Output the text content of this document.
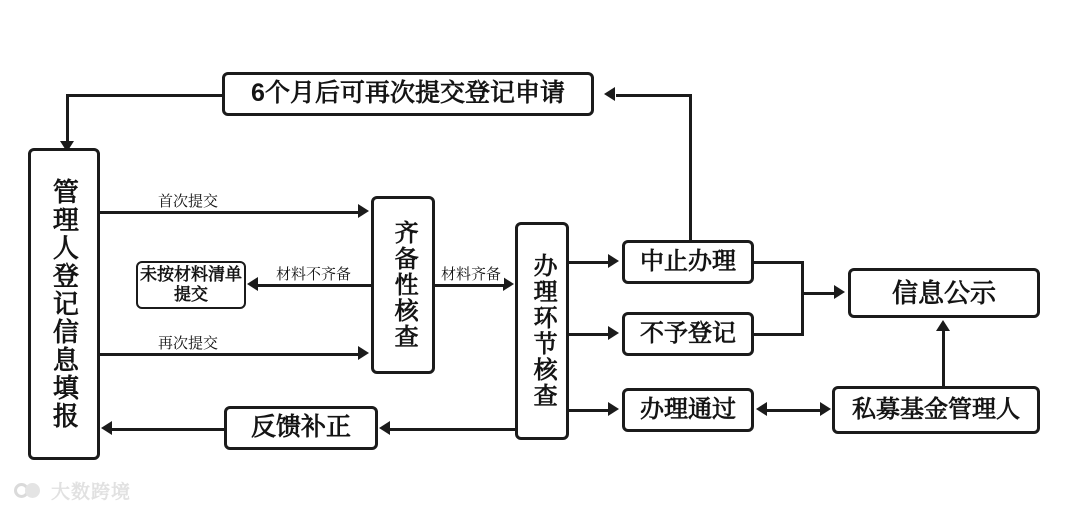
6个月后可再次提交登记申请
管理人登记信息填报	齐备性核查	办理环节核查
未按材料清单提交
中止办理
不予登记
办理通过
信息公示
私募基金管理人
反馈补正
首次提交
再次提交
材料不齐备	材料齐备
大数跨境
